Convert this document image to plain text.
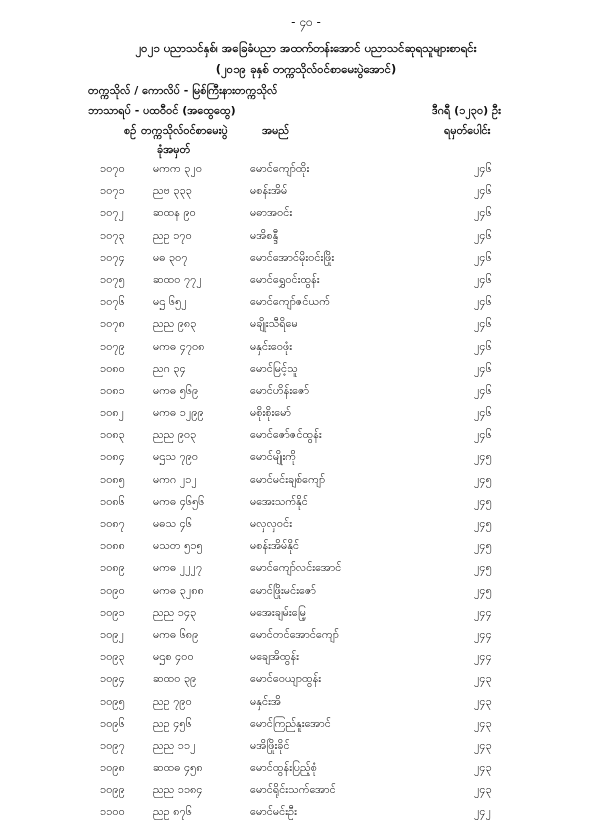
- ၄၀ -
၂၀၂၁ ပညာသင်နှစ်၊ အခြေခံပညာ အထက်တန်းအောင် ပညာသင်ဆုရသူများစာရင်း
(၂၀၁၉ ခုနှစ် တက္ကသိုလ်ဝင်စာမေးပွဲအောင်)
တက္ကသိုလ် / ကောလိပ် - မြစ်ကြီးနားတက္ကသိုလ်
ဘာသာရပ် - ပထဝီဝင် (အထွေထွေ)	ဒီဂရီ (၁၂၃၀) ဦး
စဉ် တက္ကသိုလ်ဝင်စာမေးပွဲ	အမည်	ရမှတ်ပေါင်း
ခုံအမှတ်
၁၀၇၀	မကက ၃၂၀	မောင်ကျော်ထိုး	၂၄၆
၁၀၇၁	ညဗ ၃၃၃	မစန်းအိမ်	၂၄၆
၁၀၇၂	ဆထန ၉၀	မဓာအဝင်း	၂၄၆
၁၀၇၃	ညဥ ၁၇၀	မအိစန္ဒီ	၂၄၆
၁၀၇၄	မဓ ၃၀၇	မောင်အောင်မိုးဝင်းဖြိုး	၂၄၆
၁၀၇၅	ဆထဝ ၇၇၂	မောင်ရွှေဝင်းထွန်း	၂၄၆
၁၀၇၆	မဌ ၆၅၂	မောင်ကျော်ဇင်ယက်	၂၄၆
၁၀၇၈	ညည ၉၈၃	မချိုးသီရိမေ	၂၄၆
၁၀၇၉	မကဓ ၄၇၀၈	မနှင်းဝေဖုံး	၂၄၆
၁၀၈၀	ညဂ ၃၄	မောင်မြင့်သူ	၂၄၆
၁၀၈၁	မကဓ ၅၆၉	မောင်ဟိန်းဇော်	၂၄၆
၁၀၈၂	မကဓ ၁၂၉၉	မစိုးစိုးမော်	၂၄၆
၁၀၈၃	ညည ၉၀၃	မောင်ဇော်ဇင်ထွန်း	၂၄၆
၁၀၈၄	မဌသ ၇၉၀	မောင်မျိုးကို	၂၄၅
၁၀၈၅	မကဂ ၂၁၂	မောင်မင်းချစ်ကျော်	၂၄၅
၁၀၈၆	မကဓ ၄၆၅၆	မအေးသက်နိုင်	၂၄၅
၁၀၈၇	မဓသ ၄၆	မလှလှဝင်း	၂၄၅
၁၀၈၈	မသတ ၅၁၅	မစန်းအိမ်နိုင်	၂၄၅
၁၀၈၉	မကဓ ၂၂၂၇	မောင်ကျော်လင်းအောင်	၂၄၅
၁၀၉၀	မကဓ ၃၂၈၈	မောင်ဖြိုးမင်းဇော်	၂၄၅
၁၀၉၁	ညည ၁၄၃	မအေးချမ်းမြေ့	၂၄၄
၁၀၉၂	မကဓ ၆၈၉	မောင်တင်အောင်ကျော်	၂၄၄
၁၀၉၃	မဌစ ၄၀၀	မချေအိထွန်း	၂၄၄
၁၀၉၄	ဆထဝ ၃၉	မောင်ဝေယျာထွန်း	၂၄၃
၁၀၉၅	ညဥ ၇၉၀	မနှင်းအိ	၂၄၃
၁၀၉၆	ညဥ ၄၅၆	မောင်ကြည်နူးအောင်	၂၄၃
၁၀၉၇	ညည ၁၁၂	မအိဖြိုးခိုင်	၂၄၃
၁၀၉၈	ဆထဓ ၄၅၈	မောင်ထွန်းပြည့်စုံ	၂၄၃
၁၀၉၉	ညည ၁၁၈၄	မောင်ရိုင်းသက်အောင်	၂၄၃
၁၁၀၀	ညဥ ၈၇၆	မောင်မင်းဦး	၂၄၂
